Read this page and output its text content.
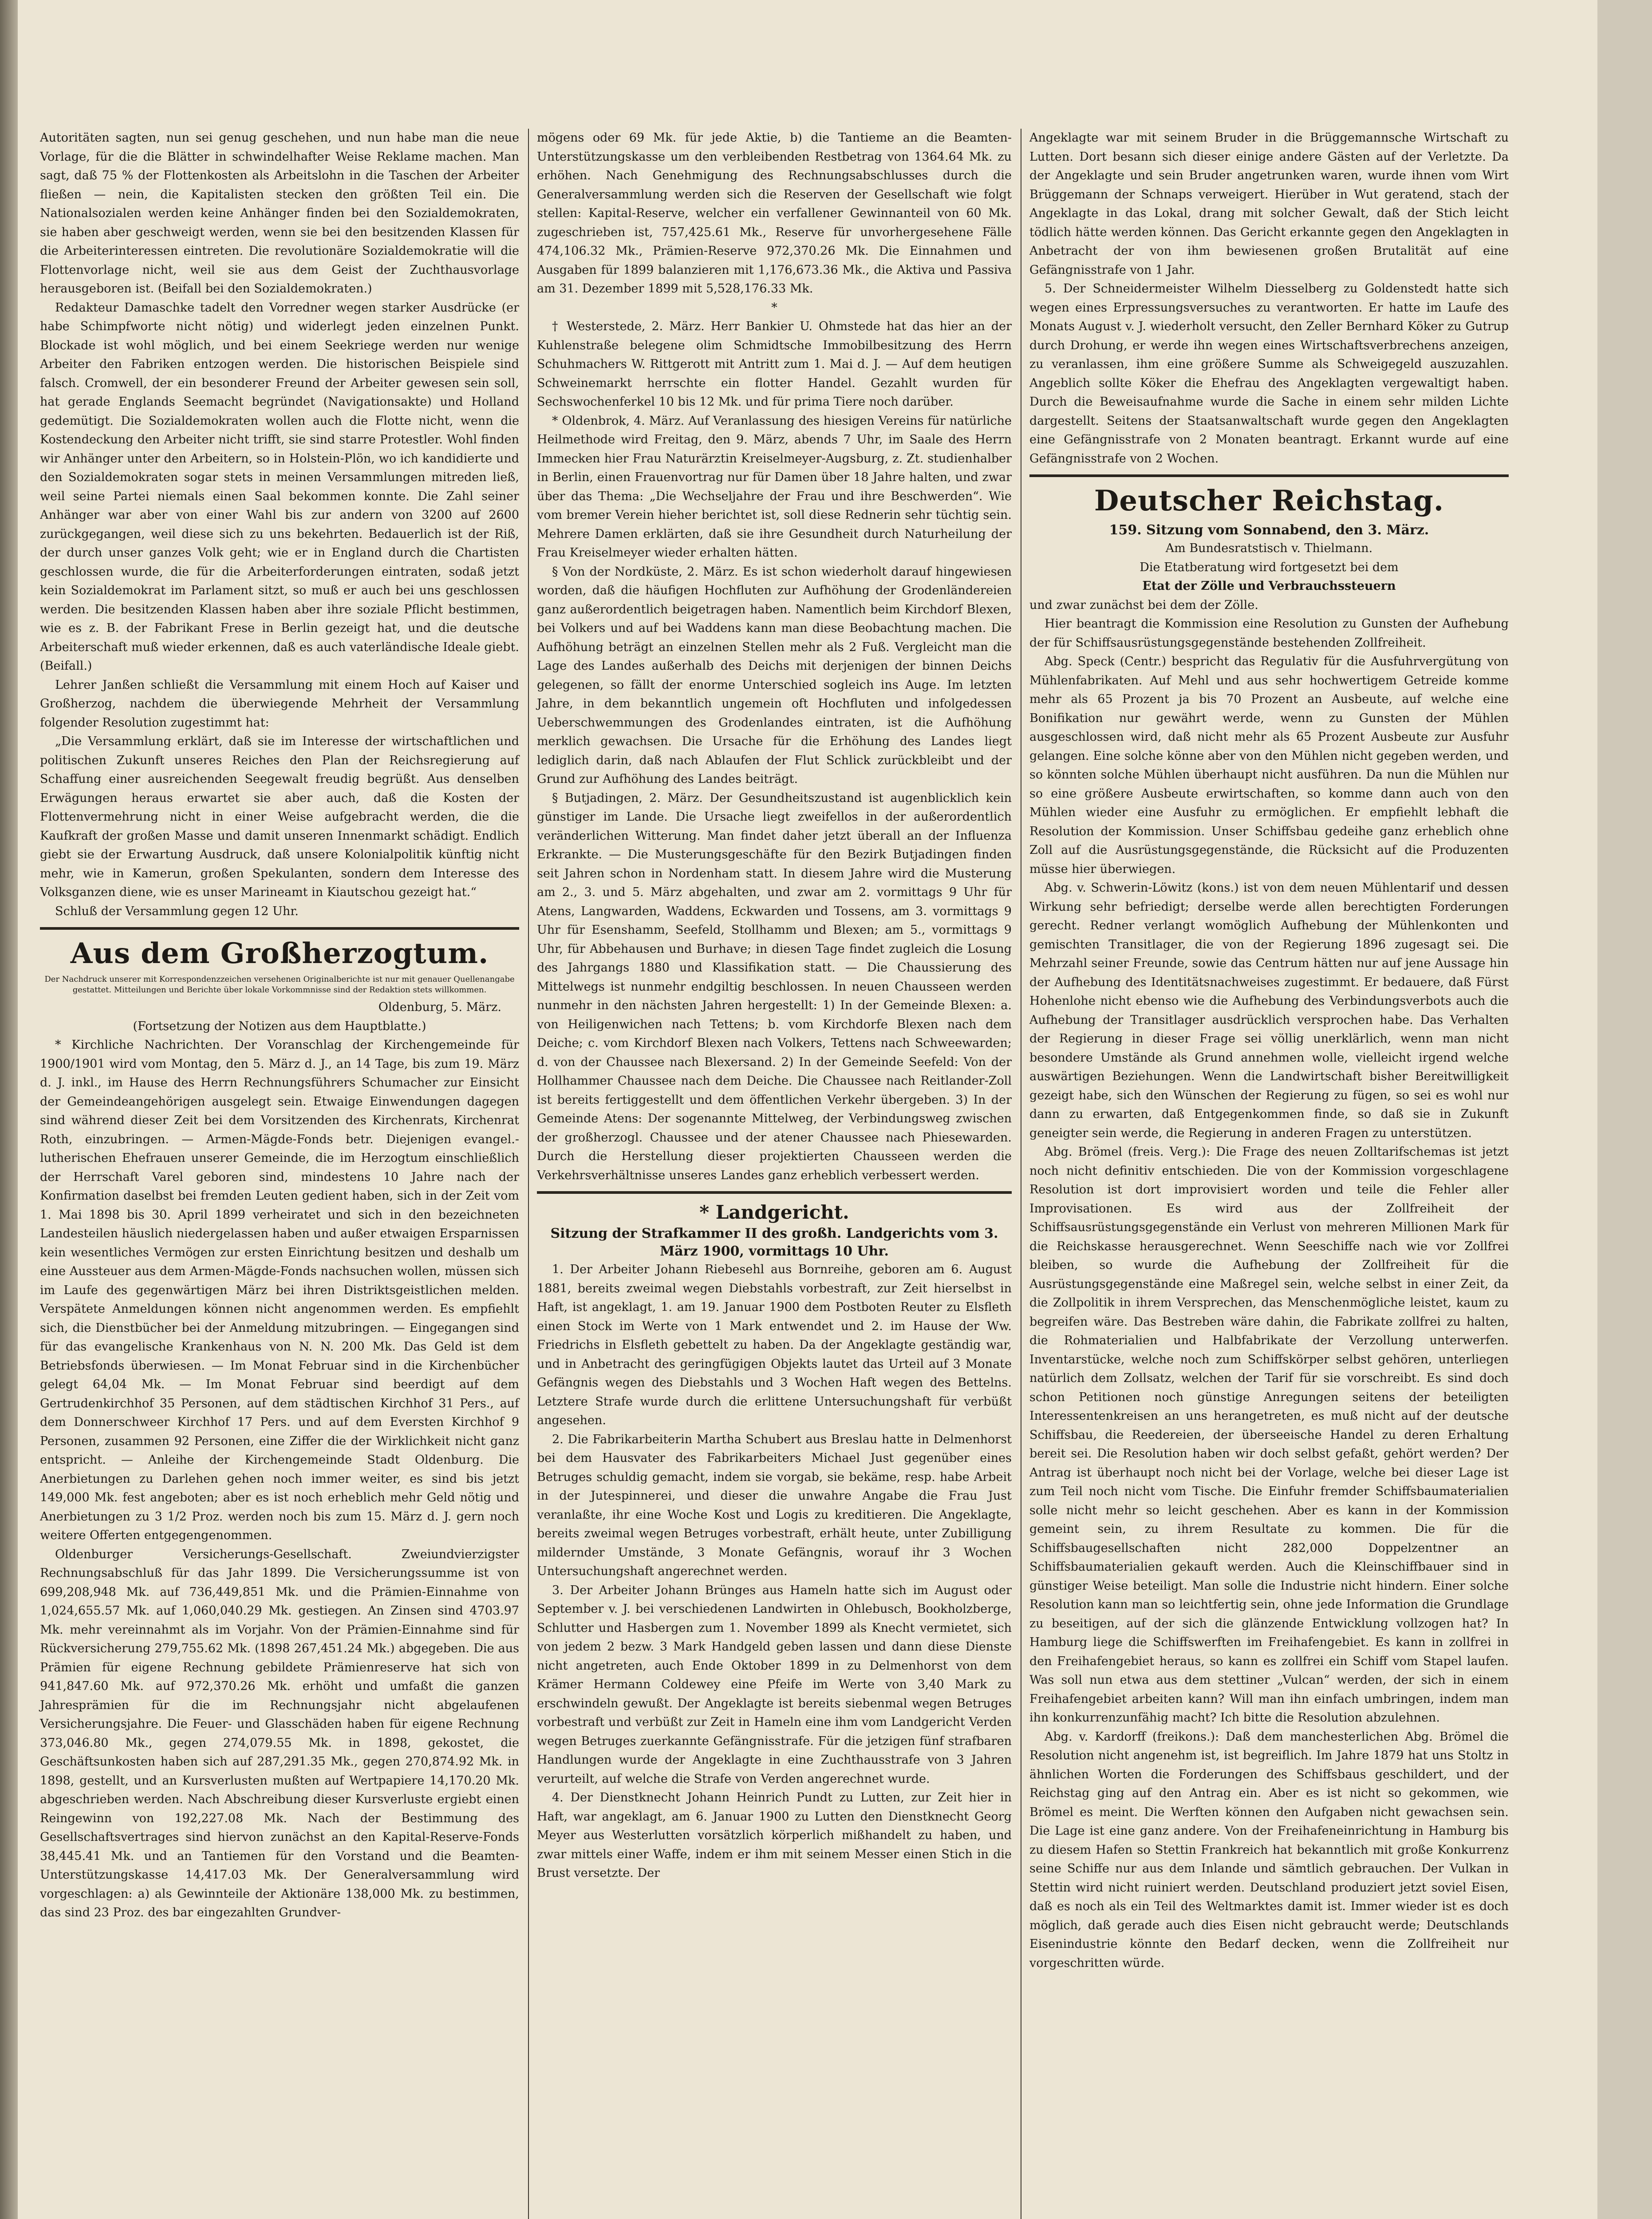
Autoritäten sagten, nun sei genug geschehen, und nun habe man die neue Vorlage, für die die Blätter in schwindelhafter Weise Reklame machen. Man sagt, daß 75 % der Flottenkosten als Arbeitslohn in die Taschen der Arbeiter fließen — nein, die Kapitalisten stecken den größten Teil ein. Die Nationalsozialen werden keine Anhänger finden bei den Sozialdemokraten, sie haben aber geschweigt werden, wenn sie bei den besitzenden Klassen für die Arbeiterinteressen eintreten. Die revolutionäre Sozialdemokratie will die Flottenvorlage nicht, weil sie aus dem Geist der Zuchthausvorlage herausgeboren ist. (Beifall bei den Sozialdemokraten.)

Redakteur Damaschke tadelt den Vorredner wegen starker Ausdrücke (er habe Schimpfworte nicht nötig) und widerlegt jeden einzelnen Punkt. Blockade ist wohl möglich, und bei einem Seekriege werden nur wenige Arbeiter den Fabriken entzogen werden. Die historischen Beispiele sind falsch. Cromwell, der ein besonderer Freund der Arbeiter gewesen sein soll, hat gerade Englands Seemacht begründet (Navigationsakte) und Holland gedemütigt. Die Sozialdemokraten wollen auch die Flotte nicht, wenn die Kostendeckung den Arbeiter nicht trifft, sie sind starre Protestler. Wohl finden wir Anhänger unter den Arbeitern, so in Holstein-Plön, wo ich kandidierte und den Sozialdemokraten sogar stets in meinen Versammlungen mitreden ließ, weil seine Partei niemals einen Saal bekommen konnte. Die Zahl seiner Anhänger war aber von einer Wahl bis zur andern von 3200 auf 2600 zurückgegangen, weil diese sich zu uns bekehrten. Bedauerlich ist der Riß, der durch unser ganzes Volk geht; wie er in England durch die Chartisten geschlossen wurde, die für die Arbeiterforderungen eintraten, sodaß jetzt kein Sozialdemokrat im Parlament sitzt, so muß er auch bei uns geschlossen werden. Die besitzenden Klassen haben aber ihre soziale Pflicht bestimmen, wie es z. B. der Fabrikant Frese in Berlin gezeigt hat, und die deutsche Arbeiterschaft muß wieder erkennen, daß es auch vaterländische Ideale giebt. (Beifall.)

Lehrer Janßen schließt die Versammlung mit einem Hoch auf Kaiser und Großherzog, nachdem die überwiegende Mehrheit der Versammlung folgender Resolution zugestimmt hat:

„Die Versammlung erklärt, daß sie im Interesse der wirtschaftlichen und politischen Zukunft unseres Reiches den Plan der Reichsregierung auf Schaffung einer ausreichenden Seegewalt freudig begrüßt. Aus denselben Erwägungen heraus erwartet sie aber auch, daß die Kosten der Flottenvermehrung nicht in einer Weise aufgebracht werden, die die Kaufkraft der großen Masse und damit unseren Innenmarkt schädigt. Endlich giebt sie der Erwartung Ausdruck, daß unsere Kolonialpolitik künftig nicht mehr, wie in Kamerun, großen Spekulanten, sondern dem Interesse des Volksganzen diene, wie es unser Marineamt in Kiautschou gezeigt hat.“

Schluß der Versammlung gegen 12 Uhr.

Aus dem Großherzogtum.
Der Nachdruck unserer mit Korrespondenzzeichen versehenen Originalberichte ist nur mit genauer Quellenangabe gestattet. Mitteilungen und Berichte über lokale Vorkommnisse sind der Redaktion stets willkommen.
Oldenburg, 5. März.
(Fortsetzung der Notizen aus dem Hauptblatte.)

* Kirchliche Nachrichten. Der Voranschlag der Kirchengemeinde für 1900/1901 wird vom Montag, den 5. März d. J., an 14 Tage, bis zum 19. März d. J. inkl., im Hause des Herrn Rechnungsführers Schumacher zur Einsicht der Gemeindeangehörigen ausgelegt sein. Etwaige Einwendungen dagegen sind während dieser Zeit bei dem Vorsitzenden des Kirchenrats, Kirchenrat Roth, einzubringen. — Armen-Mägde-Fonds betr. Diejenigen evangel.-lutherischen Ehefrauen unserer Gemeinde, die im Herzogtum einschließlich der Herrschaft Varel geboren sind, mindestens 10 Jahre nach der Konfirmation daselbst bei fremden Leuten gedient haben, sich in der Zeit vom 1. Mai 1898 bis 30. April 1899 verheiratet und sich in den bezeichneten Landesteilen häuslich niedergelassen haben und außer etwaigen Ersparnissen kein wesentliches Vermögen zur ersten Einrichtung besitzen und deshalb um eine Aussteuer aus dem Armen-Mägde-Fonds nachsuchen wollen, müssen sich im Laufe des gegenwärtigen März bei ihren Distriktsgeistlichen melden. Verspätete Anmeldungen können nicht angenommen werden. Es empfiehlt sich, die Dienstbücher bei der Anmeldung mitzubringen. — Eingegangen sind für das evangelische Krankenhaus von N. N. 200 Mk. Das Geld ist dem Betriebsfonds überwiesen. — Im Monat Februar sind in die Kirchenbücher gelegt 64,04 Mk. — Im Monat Februar sind beerdigt auf dem Gertrudenkirchhof 35 Personen, auf dem städtischen Kirchhof 31 Pers., auf dem Donnerschweer Kirchhof 17 Pers. und auf dem Eversten Kirchhof 9 Personen, zusammen 92 Personen, eine Ziffer die der Wirklichkeit nicht ganz entspricht. — Anleihe der Kirchengemeinde Stadt Oldenburg. Die Anerbietungen zu Darlehen gehen noch immer weiter, es sind bis jetzt 149,000 Mk. fest angeboten; aber es ist noch erheblich mehr Geld nötig und Anerbietungen zu 3 1/2 Proz. werden noch bis zum 15. März d. J. gern noch weitere Offerten entgegengenommen.

Oldenburger Versicherungs-Gesellschaft. Zweiundvierzigster Rechnungsabschluß für das Jahr 1899. Die Versicherungssumme ist von 699,208,948 Mk. auf 736,449,851 Mk. und die Prämien-Einnahme von 1,024,655.57 Mk. auf 1,060,040.29 Mk. gestiegen. An Zinsen sind 4703.97 Mk. mehr vereinnahmt als im Vorjahr. Von der Prämien-Einnahme sind für Rückversicherung 279,755.62 Mk. (1898 267,451.24 Mk.) abgegeben. Die aus Prämien für eigene Rechnung gebildete Prämienreserve hat sich von 941,847.60 Mk. auf 972,370.26 Mk. erhöht und umfaßt die ganzen Jahresprämien für die im Rechnungsjahr nicht abgelaufenen Versicherungsjahre. Die Feuer- und Glasschäden haben für eigene Rechnung 373,046.80 Mk., gegen 274,079.55 Mk. in 1898, gekostet, die Geschäftsunkosten haben sich auf 287,291.35 Mk., gegen 270,874.92 Mk. in 1898, gestellt, und an Kursverlusten mußten auf Wertpapiere 14,170.20 Mk. abgeschrieben werden. Nach Abschreibung dieser Kursverluste ergiebt einen Reingewinn von 192,227.08 Mk. Nach der Bestimmung des Gesellschaftsvertrages sind hiervon zunächst an den Kapital-Reserve-Fonds 38,445.41 Mk. und an Tantiemen für den Vorstand und die Beamten-Unterstützungskasse 14,417.03 Mk. Der Generalversammlung wird vorgeschlagen: a) als Gewinnteile der Aktionäre 138,000 Mk. zu bestimmen, das sind 23 Proz. des bar eingezahlten Grundver-

mögens oder 69 Mk. für jede Aktie, b) die Tantieme an die Beamten-Unterstützungskasse um den verbleibenden Restbetrag von 1364.64 Mk. zu erhöhen. Nach Genehmigung des Rechnungsabschlusses durch die Generalversammlung werden sich die Reserven der Gesellschaft wie folgt stellen: Kapital-Reserve, welcher ein verfallener Gewinnanteil von 60 Mk. zugeschrieben ist, 757,425.61 Mk., Reserve für unvorhergesehene Fälle 474,106.32 Mk., Prämien-Reserve 972,370.26 Mk. Die Einnahmen und Ausgaben für 1899 balanzieren mit 1,176,673.36 Mk., die Aktiva und Passiva am 31. Dezember 1899 mit 5,528,176.33 Mk.

*

† Westerstede, 2. März. Herr Bankier U. Ohmstede hat das hier an der Kuhlenstraße belegene olim Schmidtsche Immobilbesitzung des Herrn Schuhmachers W. Rittgerott mit Antritt zum 1. Mai d. J. — Auf dem heutigen Schweinemarkt herrschte ein flotter Handel. Gezahlt wurden für Sechswochenferkel 10 bis 12 Mk. und für prima Tiere noch darüber.

* Oldenbrok, 4. März. Auf Veranlassung des hiesigen Vereins für natürliche Heilmethode wird Freitag, den 9. März, abends 7 Uhr, im Saale des Herrn Immecken hier Frau Naturärztin Kreiselmeyer-Augsburg, z. Zt. studienhalber in Berlin, einen Frauenvortrag nur für Damen über 18 Jahre halten, und zwar über das Thema: „Die Wechseljahre der Frau und ihre Beschwerden“. Wie vom bremer Verein hieher berichtet ist, soll diese Rednerin sehr tüchtig sein. Mehrere Damen erklärten, daß sie ihre Gesundheit durch Naturheilung der Frau Kreiselmeyer wieder erhalten hätten.

§ Von der Nordküste, 2. März. Es ist schon wiederholt darauf hingewiesen worden, daß die häufigen Hochfluten zur Aufhöhung der Grodenländereien ganz außerordentlich beigetragen haben. Namentlich beim Kirchdorf Blexen, bei Volkers und auf bei Waddens kann man diese Beobachtung machen. Die Aufhöhung beträgt an einzelnen Stellen mehr als 2 Fuß. Vergleicht man die Lage des Landes außerhalb des Deichs mit derjenigen der binnen Deichs gelegenen, so fällt der enorme Unterschied sogleich ins Auge. Im letzten Jahre, in dem bekanntlich ungemein oft Hochfluten und infolgedessen Ueberschwemmungen des Grodenlandes eintraten, ist die Aufhöhung merklich gewachsen. Die Ursache für die Erhöhung des Landes liegt lediglich darin, daß nach Ablaufen der Flut Schlick zurückbleibt und der Grund zur Aufhöhung des Landes beiträgt.

§ Butjadingen, 2. März. Der Gesundheitszustand ist augenblicklich kein günstiger im Lande. Die Ursache liegt zweifellos in der außerordentlich veränderlichen Witterung. Man findet daher jetzt überall an der Influenza Erkrankte. — Die Musterungsgeschäfte für den Bezirk Butjadingen finden seit Jahren schon in Nordenham statt. In diesem Jahre wird die Musterung am 2., 3. und 5. März abgehalten, und zwar am 2. vormittags 9 Uhr für Atens, Langwarden, Waddens, Eckwarden und Tossens, am 3. vormittags 9 Uhr für Esenshamm, Seefeld, Stollhamm und Blexen; am 5., vormittags 9 Uhr, für Abbehausen und Burhave; in diesen Tage findet zugleich die Losung des Jahrgangs 1880 und Klassifikation statt. — Die Chaussierung des Mittelwegs ist nunmehr endgiltig beschlossen. In neuen Chausseen werden nunmehr in den nächsten Jahren hergestellt: 1) In der Gemeinde Blexen: a. von Heiligenwichen nach Tettens; b. vom Kirchdorfe Blexen nach dem Deiche; c. vom Kirchdorf Blexen nach Volkers, Tettens nach Schweewarden; d. von der Chaussee nach Blexersand. 2) In der Gemeinde Seefeld: Von der Hollhammer Chaussee nach dem Deiche. Die Chaussee nach Reitlander-Zoll ist bereits fertiggestellt und dem öffentlichen Verkehr übergeben. 3) In der Gemeinde Atens: Der sogenannte Mittelweg, der Verbindungsweg zwischen der großherzogl. Chaussee und der atener Chaussee nach Phiesewarden. Durch die Herstellung dieser projektierten Chausseen werden die Verkehrsverhältnisse unseres Landes ganz erheblich verbessert werden.

* Landgericht.
Sitzung der Strafkammer II des großh. Landgerichts vom 3. März 1900, vormittags 10 Uhr.

1. Der Arbeiter Johann Riebesehl aus Bornreihe, geboren am 6. August 1881, bereits zweimal wegen Diebstahls vorbestraft, zur Zeit hierselbst in Haft, ist angeklagt, 1. am 19. Januar 1900 dem Postboten Reuter zu Elsfleth einen Stock im Werte von 1 Mark entwendet und 2. im Hause der Ww. Friedrichs in Elsfleth gebettelt zu haben. Da der Angeklagte geständig war, und in Anbetracht des geringfügigen Objekts lautet das Urteil auf 3 Monate Gefängnis wegen des Diebstahls und 3 Wochen Haft wegen des Bettelns. Letztere Strafe wurde durch die erlittene Untersuchungshaft für verbüßt angesehen.

2. Die Fabrikarbeiterin Martha Schubert aus Breslau hatte in Delmenhorst bei dem Hausvater des Fabrikarbeiters Michael Just gegenüber eines Betruges schuldig gemacht, indem sie vorgab, sie bekäme, resp. habe Arbeit in der Jutespinnerei, und dieser die unwahre Angabe die Frau Just veranlaßte, ihr eine Woche Kost und Logis zu kreditieren. Die Angeklagte, bereits zweimal wegen Betruges vorbestraft, erhält heute, unter Zubilligung mildernder Umstände, 3 Monate Gefängnis, worauf ihr 3 Wochen Untersuchungshaft angerechnet werden.

3. Der Arbeiter Johann Brünges aus Hameln hatte sich im August oder September v. J. bei verschiedenen Landwirten in Ohlebusch, Bookholzberge, Schlutter und Hasbergen zum 1. November 1899 als Knecht vermietet, sich von jedem 2 bezw. 3 Mark Handgeld geben lassen und dann diese Dienste nicht angetreten, auch Ende Oktober 1899 in zu Delmenhorst von dem Krämer Hermann Coldewey eine Pfeife im Werte von 3,40 Mark zu erschwindeln gewußt. Der Angeklagte ist bereits siebenmal wegen Betruges vorbestraft und verbüßt zur Zeit in Hameln eine ihm vom Landgericht Verden wegen Betruges zuerkannte Gefängnisstrafe. Für die jetzigen fünf strafbaren Handlungen wurde der Angeklagte in eine Zuchthausstrafe von 3 Jahren verurteilt, auf welche die Strafe von Verden angerechnet wurde.

4. Der Dienstknecht Johann Heinrich Pundt zu Lutten, zur Zeit hier in Haft, war angeklagt, am 6. Januar 1900 zu Lutten den Dienstknecht Georg Meyer aus Westerlutten vorsätzlich körperlich mißhandelt zu haben, und zwar mittels einer Waffe, indem er ihm mit seinem Messer einen Stich in die Brust versetzte. Der

Angeklagte war mit seinem Bruder in die Brüggemannsche Wirtschaft zu Lutten. Dort besann sich dieser einige andere Gästen auf der Verletzte. Da der Angeklagte und sein Bruder angetrunken waren, wurde ihnen vom Wirt Brüggemann der Schnaps verweigert. Hierüber in Wut geratend, stach der Angeklagte in das Lokal, drang mit solcher Gewalt, daß der Stich leicht tödlich hätte werden können. Das Gericht erkannte gegen den Angeklagten in Anbetracht der von ihm bewiesenen großen Brutalität auf eine Gefängnisstrafe von 1 Jahr.

5. Der Schneidermeister Wilhelm Diesselberg zu Goldenstedt hatte sich wegen eines Erpressungsversuches zu verantworten. Er hatte im Laufe des Monats August v. J. wiederholt versucht, den Zeller Bernhard Köker zu Gutrup durch Drohung, er werde ihn wegen eines Wirtschaftsverbrechens anzeigen, zu veranlassen, ihm eine größere Summe als Schweigegeld auszuzahlen. Angeblich sollte Köker die Ehefrau des Angeklagten vergewaltigt haben. Durch die Beweisaufnahme wurde die Sache in einem sehr milden Lichte dargestellt. Seitens der Staatsanwaltschaft wurde gegen den Angeklagten eine Gefängnisstrafe von 2 Monaten beantragt. Erkannt wurde auf eine Gefängnisstrafe von 2 Wochen.

Deutscher Reichstag.
159. Sitzung vom Sonnabend, den 3. März.
Am Bundesratstisch v. Thielmann.
Die Etatberatung wird fortgesetzt bei dem
Etat der Zölle und Verbrauchssteuern
und zwar zunächst bei dem der Zölle.

Hier beantragt die Kommission eine Resolution zu Gunsten der Aufhebung der für Schiffsausrüstungsgegenstände bestehenden Zollfreiheit.

Abg. Speck (Centr.) bespricht das Regulativ für die Ausfuhrvergütung von Mühlenfabrikaten. Auf Mehl und aus sehr hochwertigem Getreide komme mehr als 65 Prozent ja bis 70 Prozent an Ausbeute, auf welche eine Bonifikation nur gewährt werde, wenn zu Gunsten der Mühlen ausgeschlossen wird, daß nicht mehr als 65 Prozent Ausbeute zur Ausfuhr gelangen. Eine solche könne aber von den Mühlen nicht gegeben werden, und so könnten solche Mühlen überhaupt nicht ausführen. Da nun die Mühlen nur so eine größere Ausbeute erwirtschaften, so komme dann auch von den Mühlen wieder eine Ausfuhr zu ermöglichen. Er empfiehlt lebhaft die Resolution der Kommission. Unser Schiffsbau gedeihe ganz erheblich ohne Zoll auf die Ausrüstungsgegenstände, die Rücksicht auf die Produzenten müsse hier überwiegen.

Abg. v. Schwerin-Löwitz (kons.) ist von dem neuen Mühlentarif und dessen Wirkung sehr befriedigt; derselbe werde allen berechtigten Forderungen gerecht. Redner verlangt womöglich Aufhebung der Mühlenkonten und gemischten Transitlager, die von der Regierung 1896 zugesagt sei. Die Mehrzahl seiner Freunde, sowie das Centrum hätten nur auf jene Aussage hin der Aufhebung des Identitätsnachweises zugestimmt. Er bedauere, daß Fürst Hohenlohe nicht ebenso wie die Aufhebung des Verbindungsverbots auch die Aufhebung der Transitlager ausdrücklich versprochen habe. Das Verhalten der Regierung in dieser Frage sei völlig unerklärlich, wenn man nicht besondere Umstände als Grund annehmen wolle, vielleicht irgend welche auswärtigen Beziehungen. Wenn die Landwirtschaft bisher Bereitwilligkeit gezeigt habe, sich den Wünschen der Regierung zu fügen, so sei es wohl nur dann zu erwarten, daß Entgegenkommen finde, so daß sie in Zukunft geneigter sein werde, die Regierung in anderen Fragen zu unterstützen.

Abg. Brömel (freis. Verg.): Die Frage des neuen Zolltarifschemas ist jetzt noch nicht definitiv entschieden. Die von der Kommission vorgeschlagene Resolution ist dort improvisiert worden und teile die Fehler aller Improvisationen. Es wird aus der Zollfreiheit der Schiffsausrüstungsgegenstände ein Verlust von mehreren Millionen Mark für die Reichskasse herausgerechnet. Wenn Seeschiffe nach wie vor Zollfrei bleiben, so wurde die Aufhebung der Zollfreiheit für die Ausrüstungsgegenstände eine Maßregel sein, welche selbst in einer Zeit, da die Zollpolitik in ihrem Versprechen, das Menschenmögliche leistet, kaum zu begreifen wäre. Das Bestreben wäre dahin, die Fabrikate zollfrei zu halten, die Rohmaterialien und Halbfabrikate der Verzollung unterwerfen. Inventarstücke, welche noch zum Schiffskörper selbst gehören, unterliegen natürlich dem Zollsatz, welchen der Tarif für sie vorschreibt. Es sind doch schon Petitionen noch günstige Anregungen seitens der beteiligten Interessentenkreisen an uns herangetreten, es muß nicht auf der deutsche Schiffsbau, die Reedereien, der überseeische Handel zu deren Erhaltung bereit sei. Die Resolution haben wir doch selbst gefaßt, gehört werden? Der Antrag ist überhaupt noch nicht bei der Vorlage, welche bei dieser Lage ist zum Teil noch nicht vom Tische. Die Einfuhr fremder Schiffsbaumaterialien solle nicht mehr so leicht geschehen. Aber es kann in der Kommission gemeint sein, zu ihrem Resultate zu kommen. Die für die Schiffsbaugesellschaften nicht 282,000 Doppelzentner an Schiffsbaumaterialien gekauft werden. Auch die Kleinschiffbauer sind in günstiger Weise beteiligt. Man solle die Industrie nicht hindern. Einer solche Resolution kann man so leichtfertig sein, ohne jede Information die Grundlage zu beseitigen, auf der sich die glänzende Entwicklung vollzogen hat? In Hamburg liege die Schiffswerften im Freihafengebiet. Es kann in zollfrei in den Freihafengebiet heraus, so kann es zollfrei ein Schiff vom Stapel laufen. Was soll nun etwa aus dem stettiner „Vulcan“ werden, der sich in einem Freihafengebiet arbeiten kann? Will man ihn einfach umbringen, indem man ihn konkurrenzunfähig macht? Ich bitte die Resolution abzulehnen.

Abg. v. Kardorff (freikons.): Daß dem manchesterlichen Abg. Brömel die Resolution nicht angenehm ist, ist begreiflich. Im Jahre 1879 hat uns Stoltz in ähnlichen Worten die Forderungen des Schiffsbaus geschildert, und der Reichstag ging auf den Antrag ein. Aber es ist nicht so gekommen, wie Brömel es meint. Die Werften können den Aufgaben nicht gewachsen sein. Die Lage ist eine ganz andere. Von der Freihafeneinrichtung in Hamburg bis zu diesem Hafen so Stettin Frankreich hat bekanntlich mit große Konkurrenz seine Schiffe nur aus dem Inlande und sämtlich gebrauchen. Der Vulkan in Stettin wird nicht ruiniert werden. Deutschland produziert jetzt soviel Eisen, daß es noch als ein Teil des Weltmarktes damit ist. Immer wieder ist es doch möglich, daß gerade auch dies Eisen nicht gebraucht werde; Deutschlands Eisenindustrie könnte den Bedarf decken, wenn die Zollfreiheit nur vorgeschritten würde.
